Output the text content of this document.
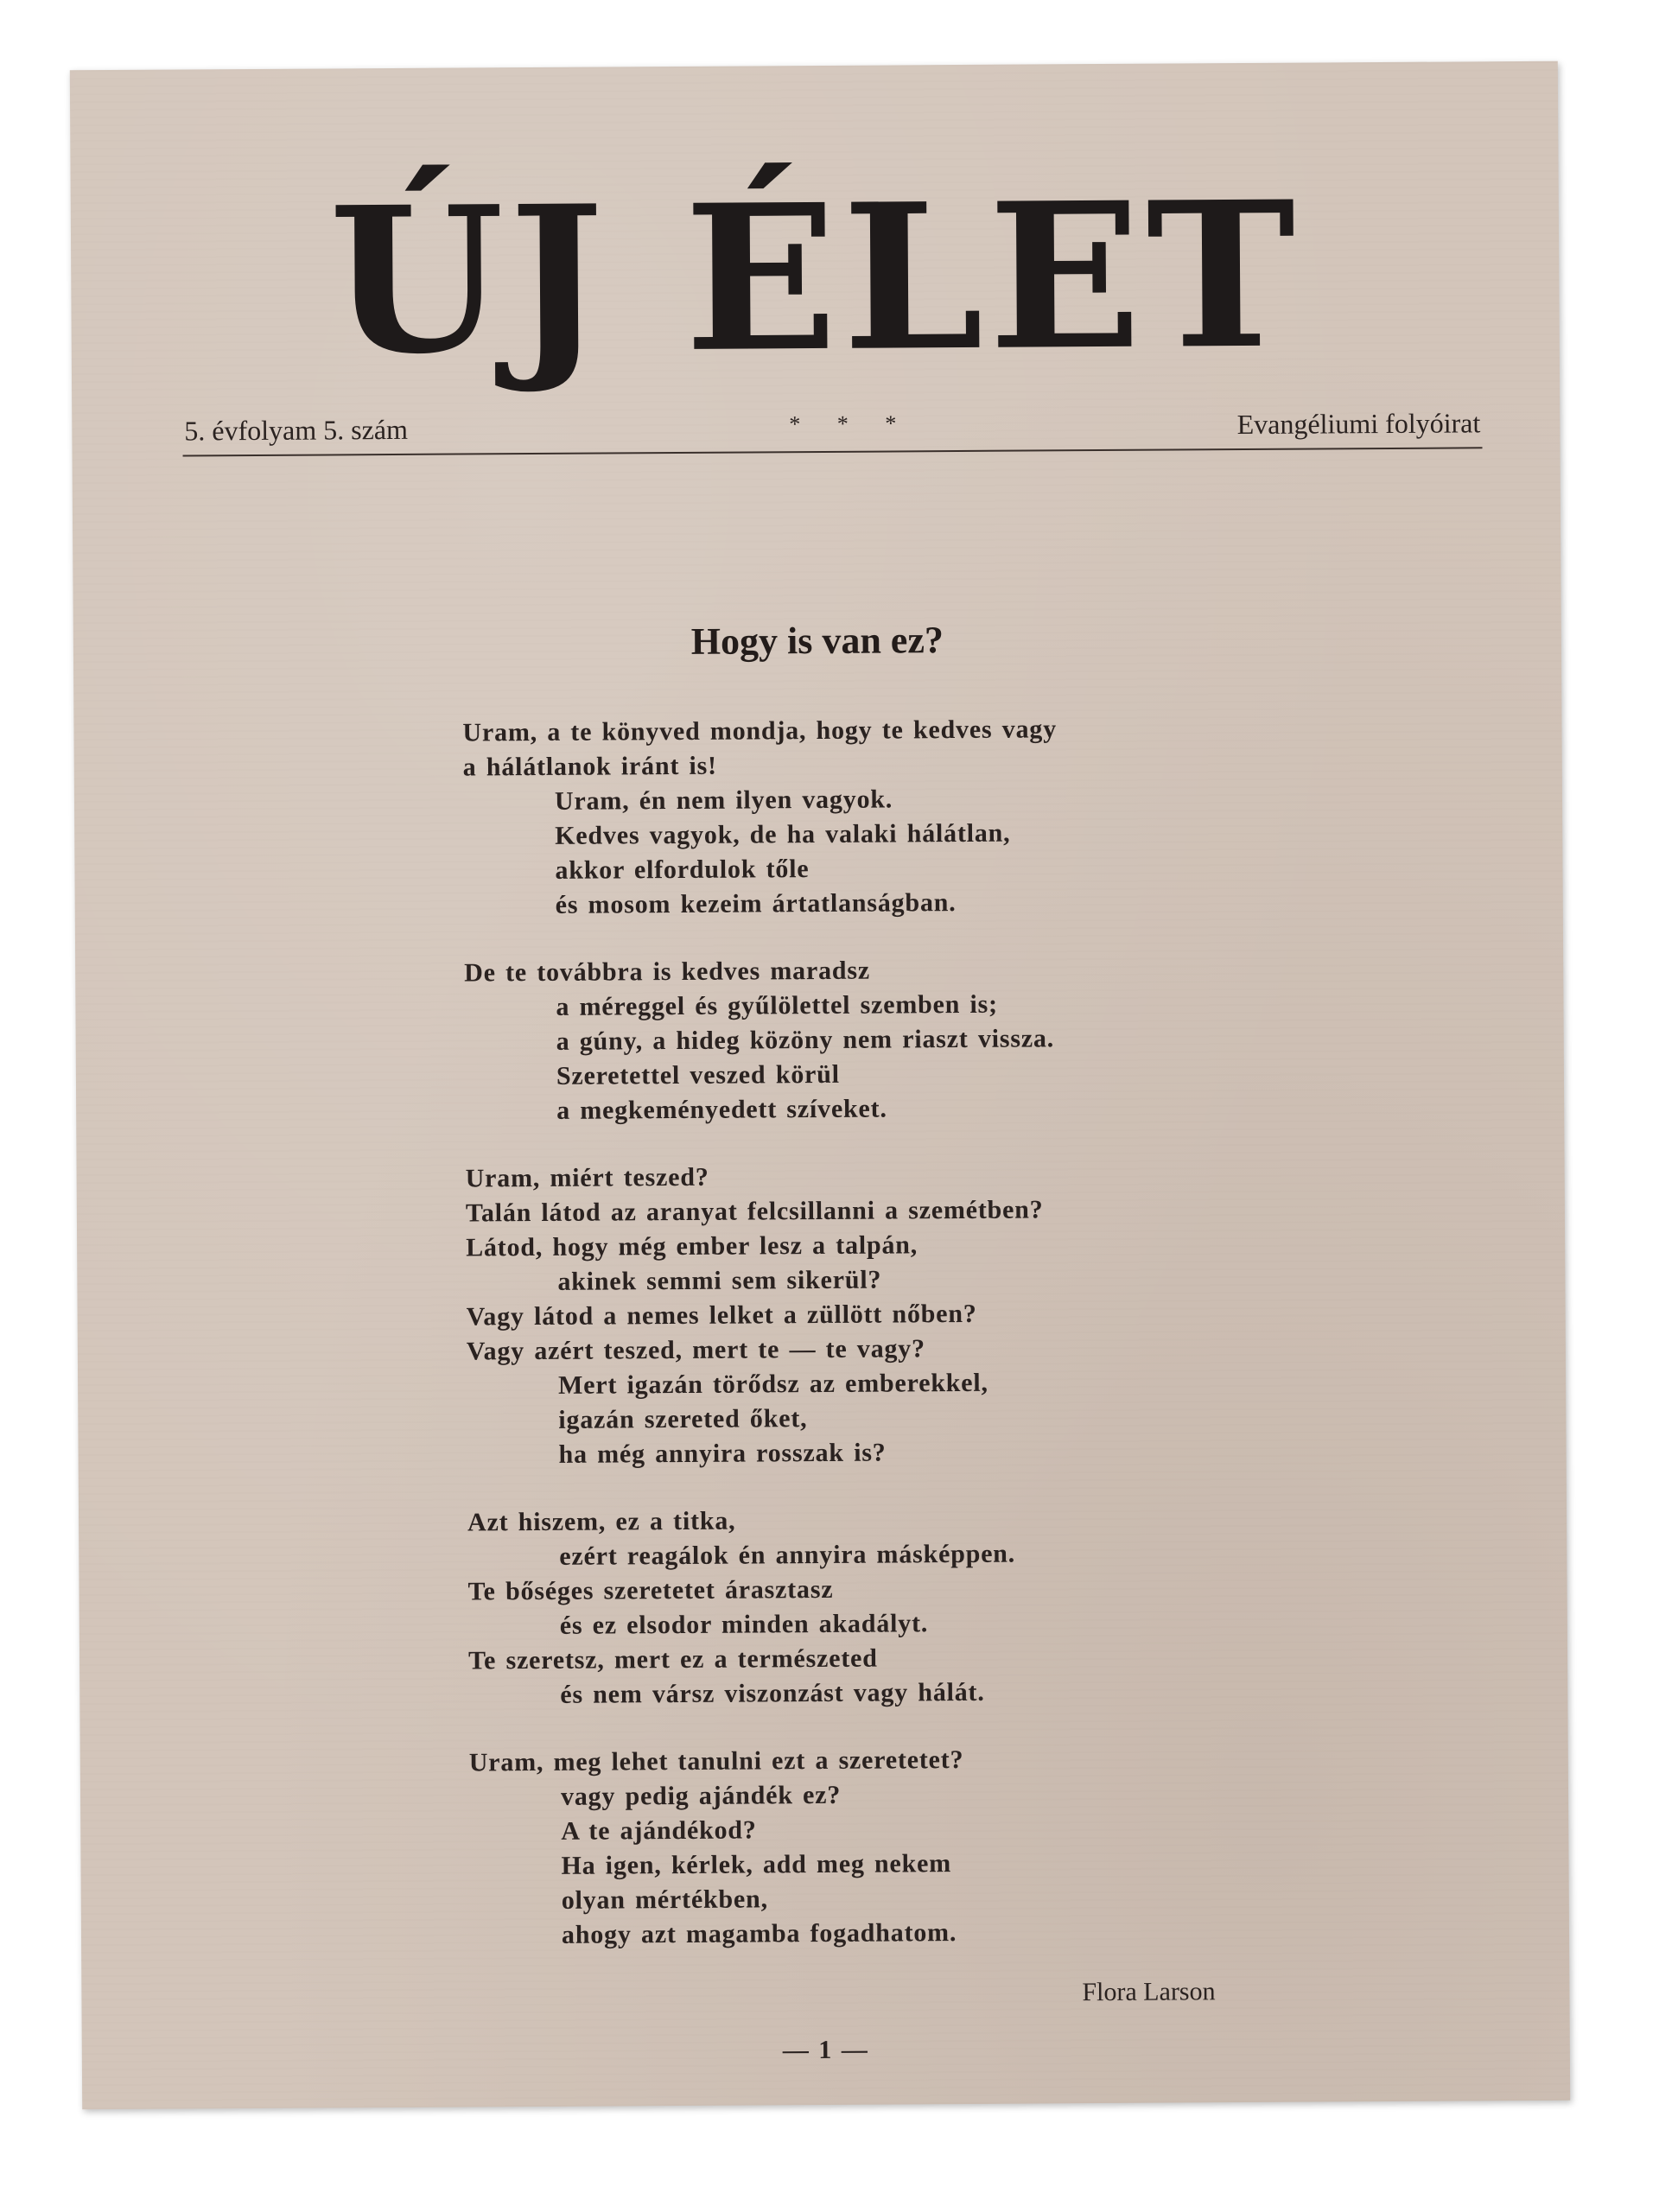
ÚJ ÉLET
5. évfolyam 5. szám	* * *	Evangéliumi folyóirat
Hogy is van ez?
Uram, a te könyved mondja, hogy te kedves vagy
a hálátlanok iránt is!
Uram, én nem ilyen vagyok.
Kedves vagyok, de ha valaki hálátlan,
akkor elfordulok tőle
és mosom kezeim ártatlanságban.
De te továbbra is kedves maradsz
a méreggel és gyűlölettel szemben is;
a gúny, a hideg közöny nem riaszt vissza.
Szeretettel veszed körül
a megkeményedett szíveket.
Uram, miért teszed?
Talán látod az aranyat felcsillanni a szemétben?
Látod, hogy még ember lesz a talpán,
akinek semmi sem sikerül?
Vagy látod a nemes lelket a züllött nőben?
Vagy azért teszed, mert te — te vagy?
Mert igazán törődsz az emberekkel,
igazán szereted őket,
ha még annyira rosszak is?
Azt hiszem, ez a titka,
ezért reagálok én annyira másképpen.
Te bőséges szeretetet árasztasz
és ez elsodor minden akadályt.
Te szeretsz, mert ez a természeted
és nem vársz viszonzást vagy hálát.
Uram, meg lehet tanulni ezt a szeretetet?
vagy pedig ajándék ez?
A te ajándékod?
Ha igen, kérlek, add meg nekem
olyan mértékben,
ahogy azt magamba fogadhatom.
Flora Larson
— 1 —
